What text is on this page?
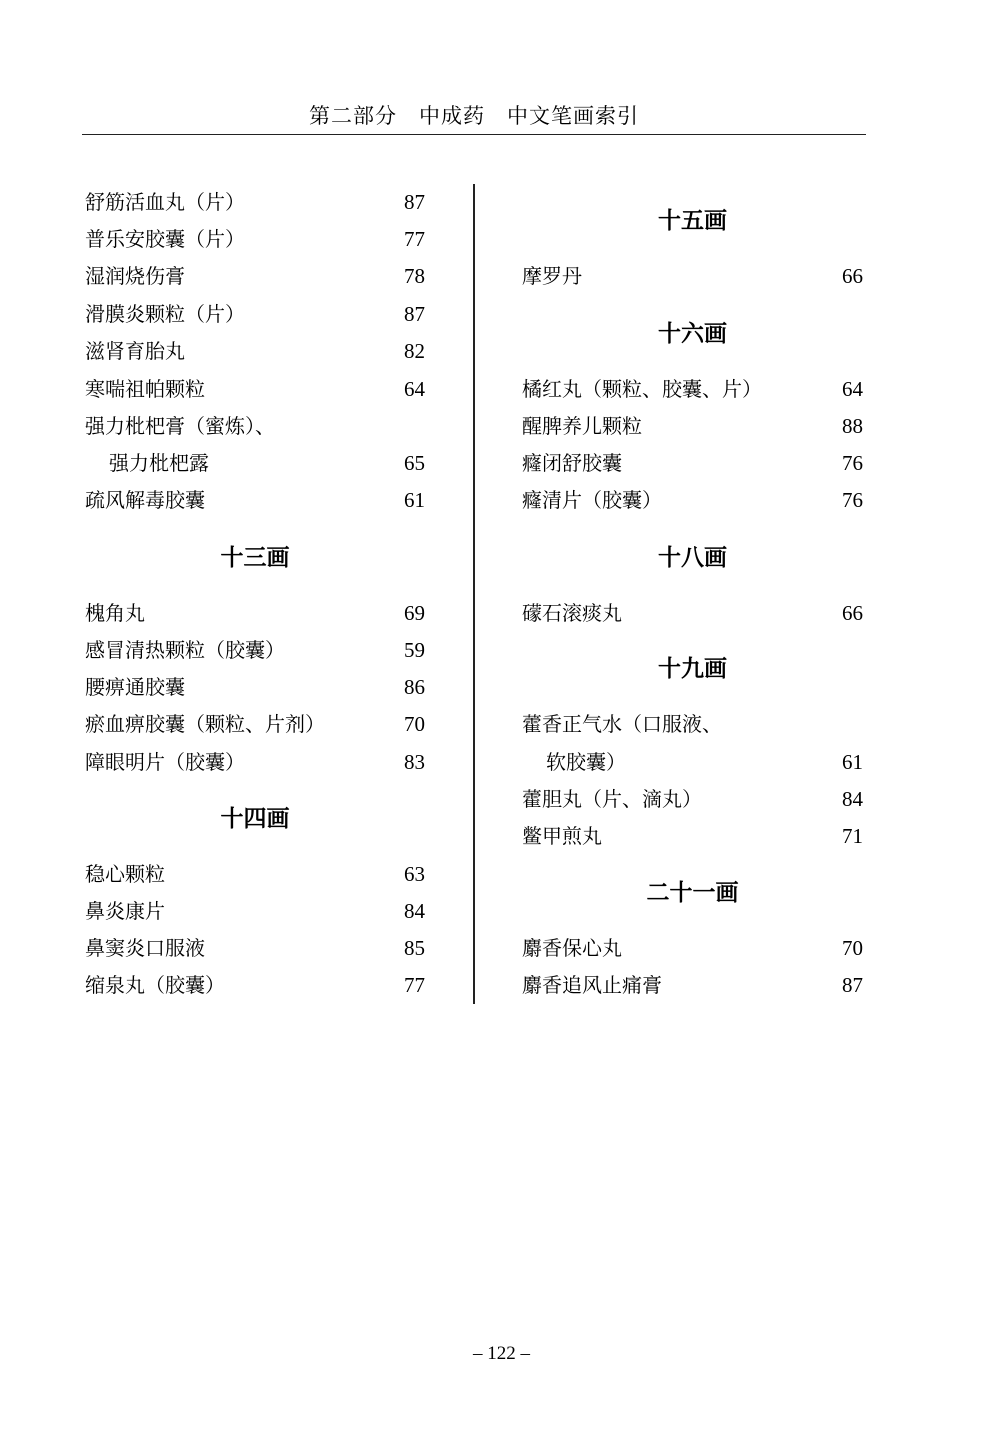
第二部分　中成药　中文笔画索引
舒筋活血丸（片）	87
普乐安胶囊（片）	77
湿润烧伤膏	78
滑膜炎颗粒（片）	87
滋肾育胎丸	82
寒喘祖帕颗粒	64
强力枇杷膏（蜜炼）、
强力枇杷露	65
疏风解毒胶囊	61
十三画
槐角丸	69
感冒清热颗粒（胶囊）	59
腰痹通胶囊	86
瘀血痹胶囊（颗粒、片剂）	70
障眼明片（胶囊）	83
十四画
稳心颗粒	63
鼻炎康片	84
鼻窦炎口服液	85
缩泉丸（胶囊）	77
十五画
摩罗丹	66
十六画
橘红丸（颗粒、胶囊、片）	64
醒脾养儿颗粒	88
癃闭舒胶囊	76
癃清片（胶囊）	76
十八画
礞石滚痰丸	66
十九画
藿香正气水（口服液、
软胶囊）	61
藿胆丸（片、滴丸）	84
鳖甲煎丸	71
二十一画
麝香保心丸	70
麝香追风止痛膏	87
– 122 –
